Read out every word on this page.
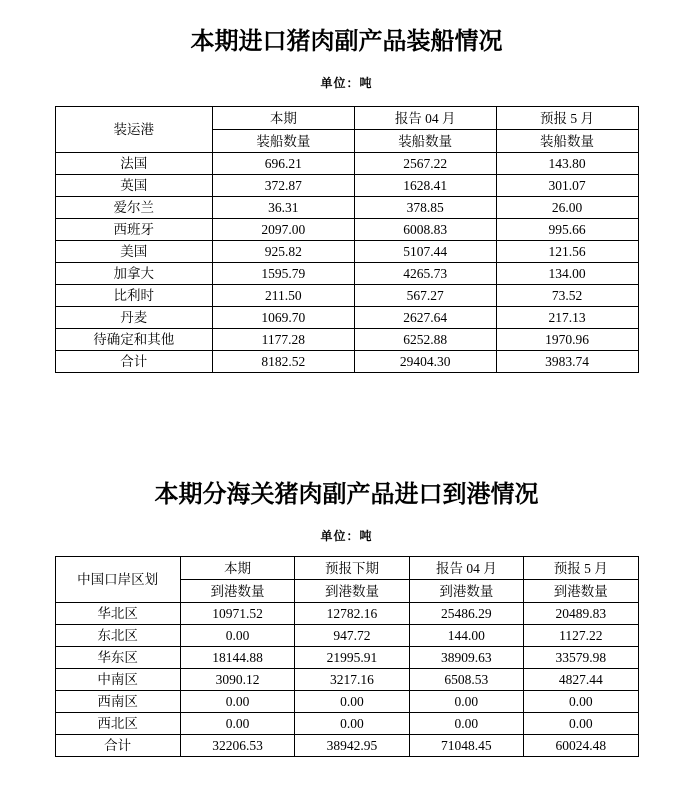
本期进口猪肉副产品装船情况
单位：吨
装运港	本期	报告 04 月	预报 5 月
	装船数量	装船数量	装船数量
法国	696.21	2567.22	143.80
英国	372.87	1628.41	301.07
爱尔兰	36.31	378.85	26.00
西班牙	2097.00	6008.83	995.66
美国	925.82	5107.44	121.56
加拿大	1595.79	4265.73	134.00
比利时	211.50	567.27	73.52
丹麦	1069.70	2627.64	217.13
待确定和其他	1177.28	6252.88	1970.96
合计	8182.52	29404.30	3983.74
本期分海关猪肉副产品进口到港情况
单位：吨
中国口岸区划	本期	预报下期	报告 04 月	预报 5 月
	到港数量	到港数量	到港数量	到港数量
华北区	10971.52	12782.16	25486.29	20489.83
东北区	0.00	947.72	144.00	1127.22
华东区	18144.88	21995.91	38909.63	33579.98
中南区	3090.12	3217.16	6508.53	4827.44
西南区	0.00	0.00	0.00	0.00
西北区	0.00	0.00	0.00	0.00
合计	32206.53	38942.95	71048.45	60024.48
